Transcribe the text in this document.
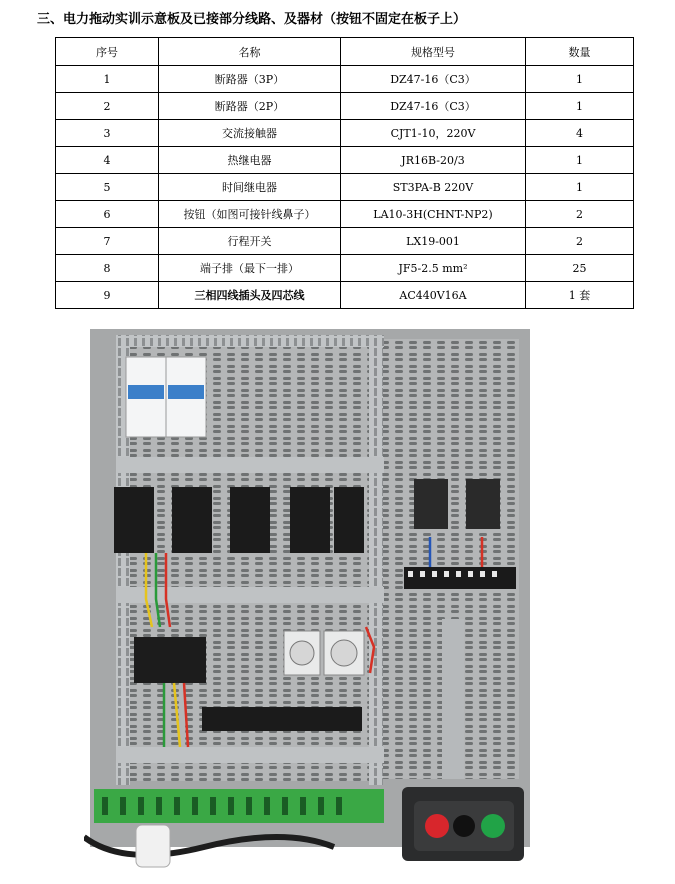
三、电力拖动实训示意板及已接部分线路、及器材（按钮不固定在板子上）
序号	名称	规格型号	数量
1	断路器（3P）	DZ47-16（C3）	1
2	断路器（2P）	DZ47-16（C3）	1
3	交流接触器	CJT1-10，220V	4
4	热继电器	JR16B-20/3	1
5	时间继电器	ST3PA-B 220V	1
6	按钮（如图可接针线鼻子）	LA10-3H(CHNT-NP2)	2
7	行程开关	LX19-001	2
8	端子排（最下一排）	JF5-2.5 mm²	25
9	三相四线插头及四芯线	AC440V16A	1 套
